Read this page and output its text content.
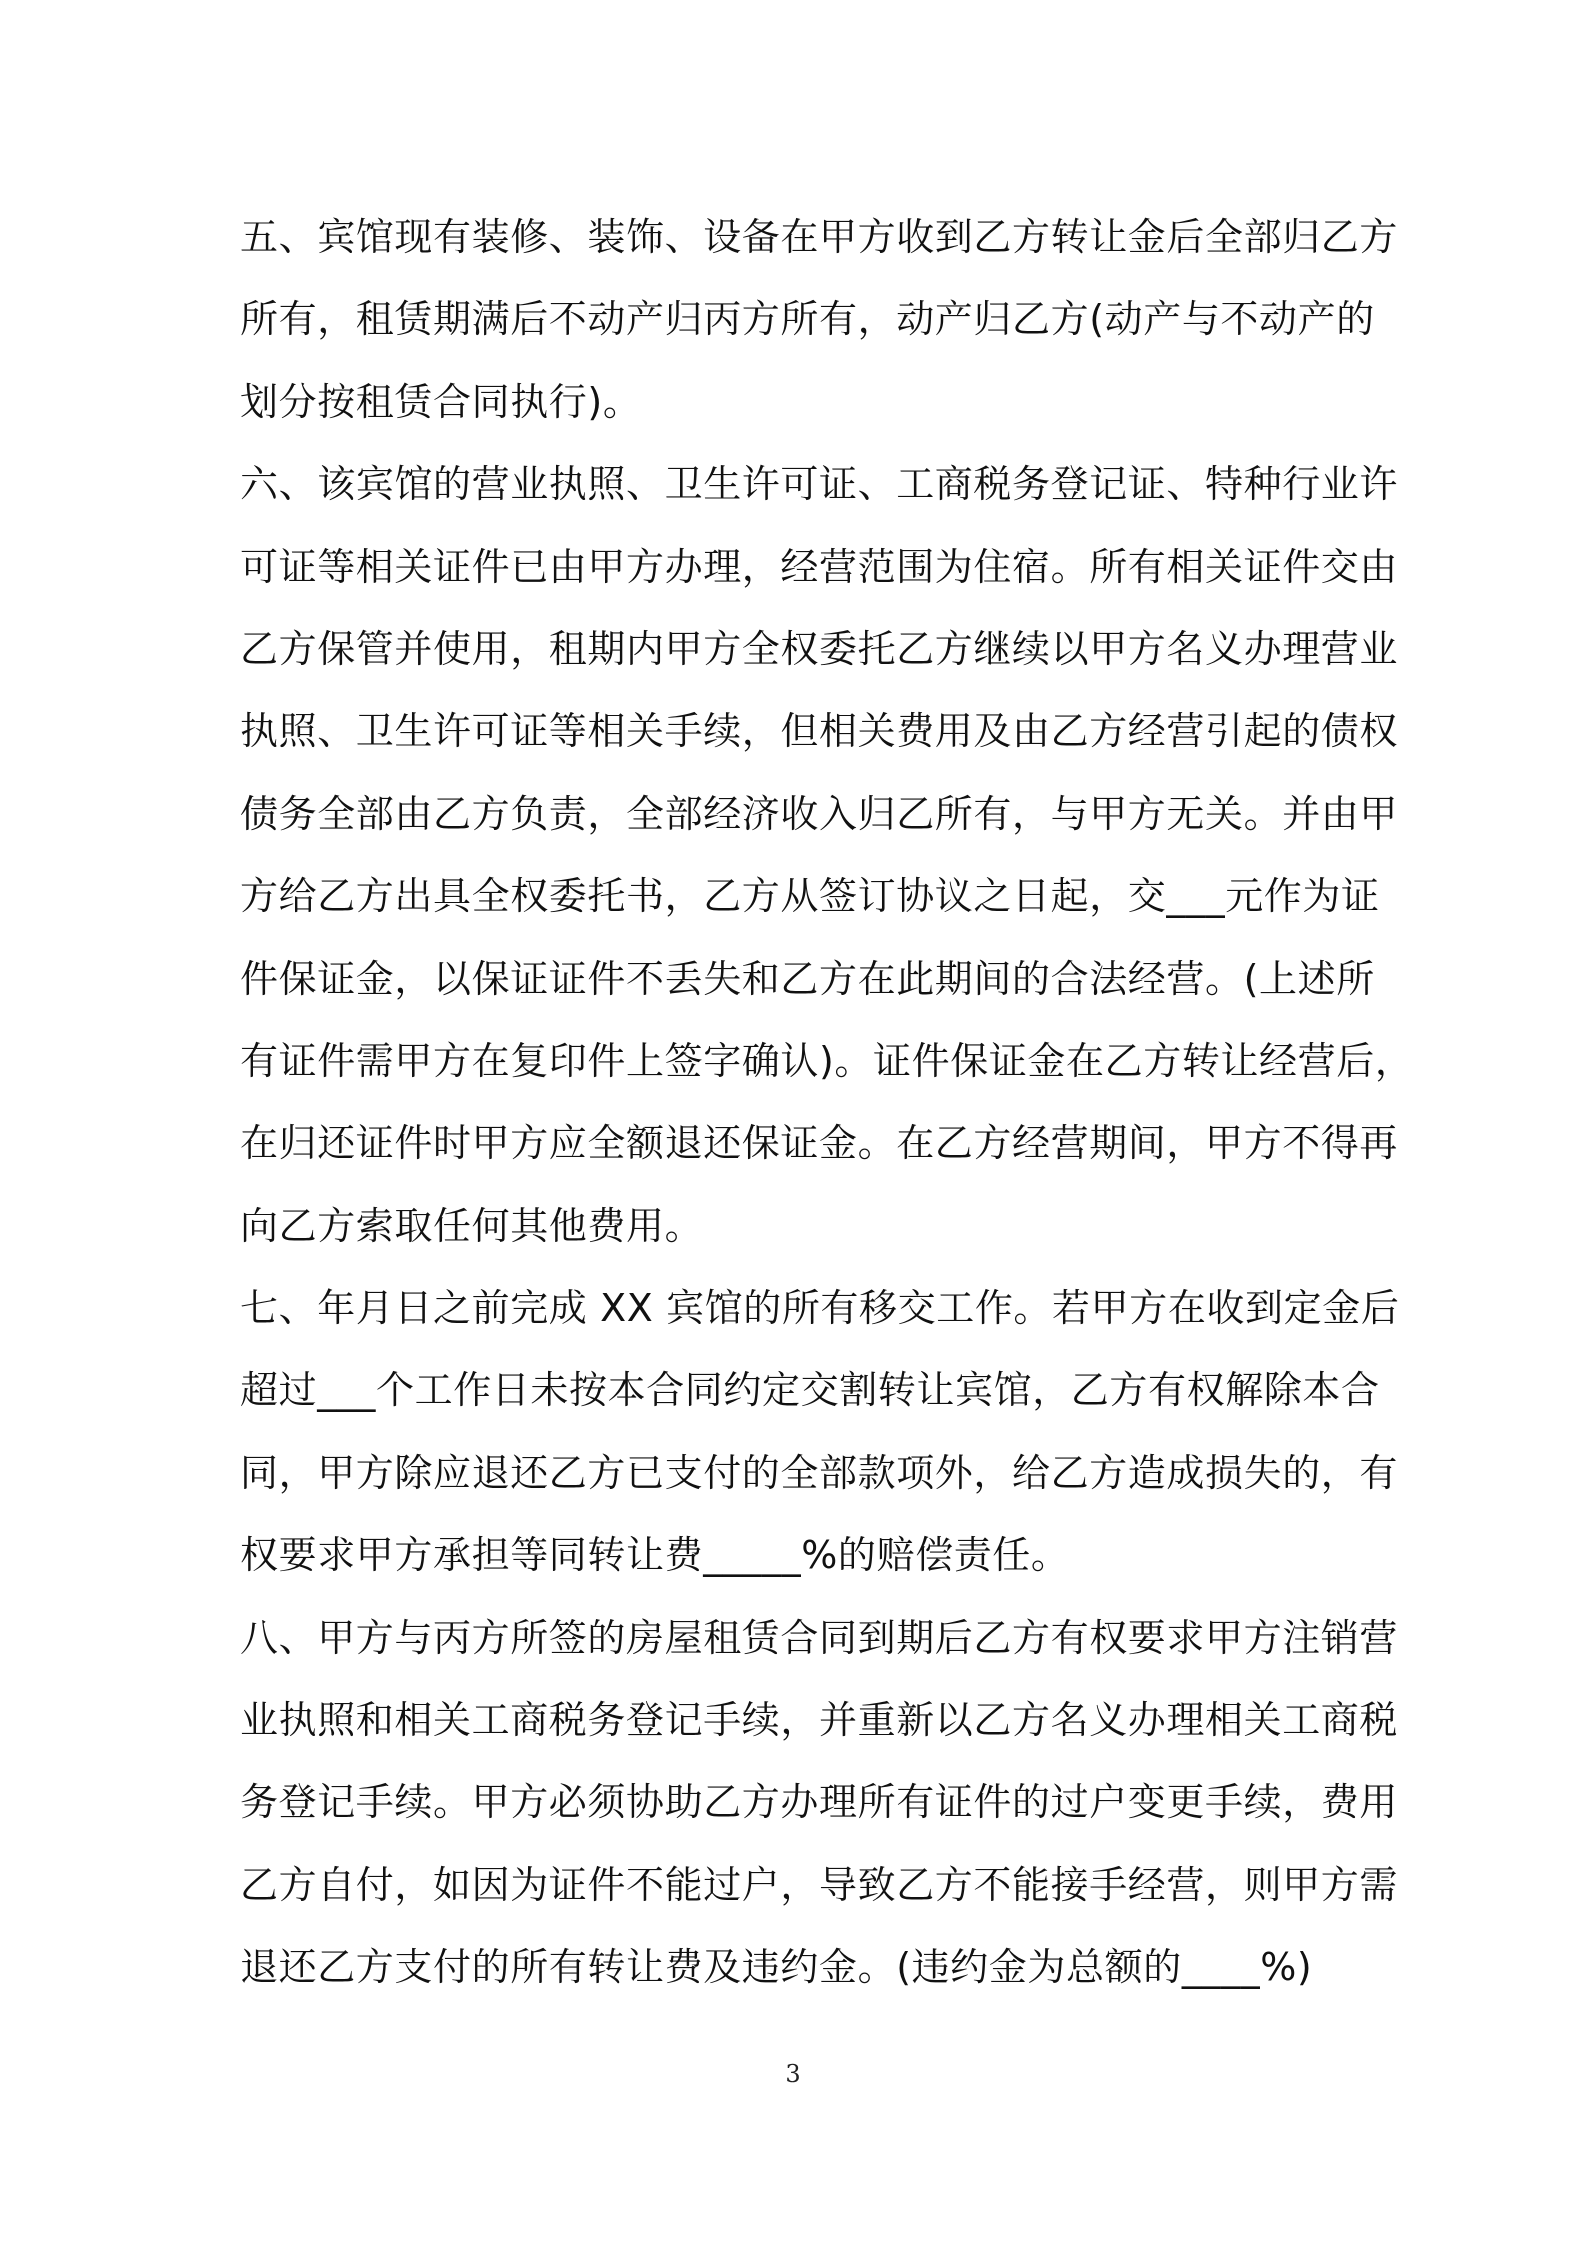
五、宾馆现有装修、装饰、设备在甲方收到乙方转让金后全部归乙方
所有，租赁期满后不动产归丙方所有，动产归乙方(动产与不动产的
划分按租赁合同执行)。
六、该宾馆的营业执照、卫生许可证、工商税务登记证、特种行业许
可证等相关证件已由甲方办理，经营范围为住宿。所有相关证件交由
乙方保管并使用，租期内甲方全权委托乙方继续以甲方名义办理营业
执照、卫生许可证等相关手续，但相关费用及由乙方经营引起的债权
债务全部由乙方负责，全部经济收入归乙所有，与甲方无关。并由甲
方给乙方出具全权委托书，乙方从签订协议之日起，交___元作为证
件保证金，以保证证件不丢失和乙方在此期间的合法经营。(上述所
有证件需甲方在复印件上签字确认)。证件保证金在乙方转让经营后，
在归还证件时甲方应全额退还保证金。在乙方经营期间，甲方不得再
向乙方索取任何其他费用。
七、年月日之前完成 XX 宾馆的所有移交工作。若甲方在收到定金后
超过___个工作日未按本合同约定交割转让宾馆，乙方有权解除本合
同，甲方除应退还乙方已支付的全部款项外，给乙方造成损失的，有
权要求甲方承担等同转让费_____%的赔偿责任。
八、甲方与丙方所签的房屋租赁合同到期后乙方有权要求甲方注销营
业执照和相关工商税务登记手续，并重新以乙方名义办理相关工商税
务登记手续。甲方必须协助乙方办理所有证件的过户变更手续，费用
乙方自付，如因为证件不能过户，导致乙方不能接手经营，则甲方需
退还乙方支付的所有转让费及违约金。(违约金为总额的____%)
3
